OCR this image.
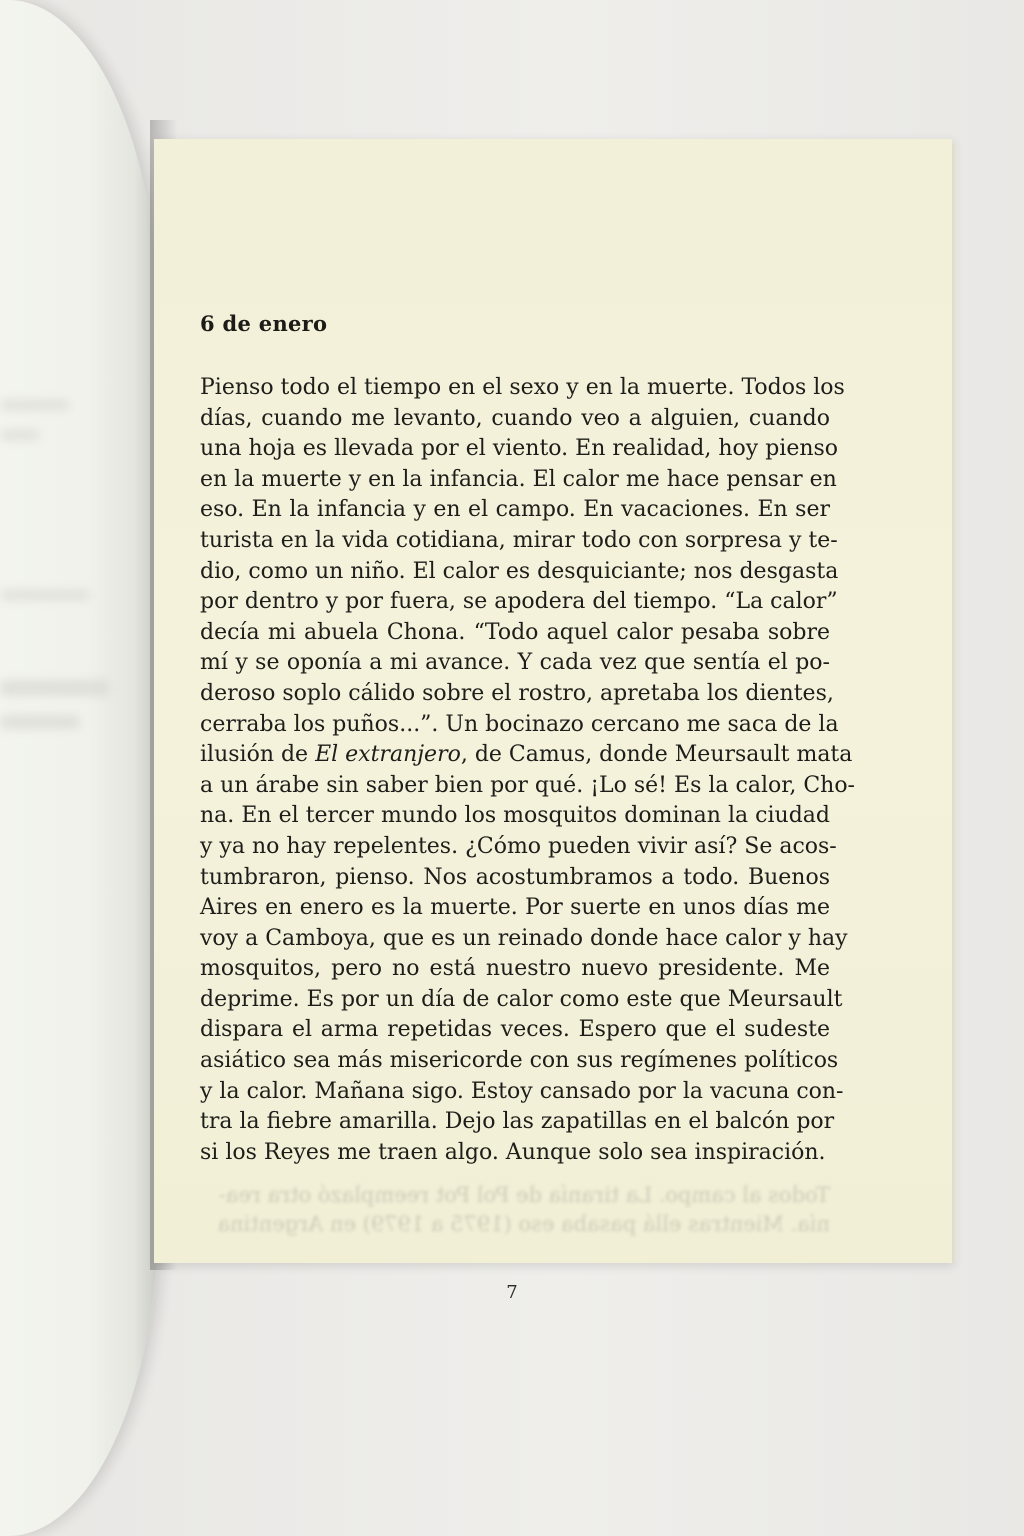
6 de enero

Pienso todo el tiempo en el sexo y en la muerte. Todos los
días, cuando me levanto, cuando veo a alguien, cuando
una hoja es llevada por el viento. En realidad, hoy pienso
en la muerte y en la infancia. El calor me hace pensar en
eso. En la infancia y en el campo. En vacaciones. En ser
turista en la vida cotidiana, mirar todo con sorpresa y te-
dio, como un niño. El calor es desquiciante; nos desgasta
por dentro y por fuera, se apodera del tiempo. “La calor”
decía mi abuela Chona. “Todo aquel calor pesaba sobre
mí y se oponía a mi avance. Y cada vez que sentía el po-
deroso soplo cálido sobre el rostro, apretaba los dientes,
cerraba los puños...”. Un bocinazo cercano me saca de la
ilusión de El extranjero, de Camus, donde Meursault mata
a un árabe sin saber bien por qué. ¡Lo sé! Es la calor, Cho-
na. En el tercer mundo los mosquitos dominan la ciudad
y ya no hay repelentes. ¿Cómo pueden vivir así? Se acos-
tumbraron, pienso. Nos acostumbramos a todo. Buenos
Aires en enero es la muerte. Por suerte en unos días me
voy a Camboya, que es un reinado donde hace calor y hay
mosquitos, pero no está nuestro nuevo presidente. Me
deprime. Es por un día de calor como este que Meursault
dispara el arma repetidas veces. Espero que el sudeste
asiático sea más misericorde con sus regímenes políticos
y la calor. Mañana sigo. Estoy cansado por la vacuna con-
tra la fiebre amarilla. Dejo las zapatillas en el balcón por
si los Reyes me traen algo. Aunque solo sea inspiración.

Todos al campo. La tiranía de Pol Pot reemplazó otra rea-
nía. Mientras ellá pasaba eso (1975 a 1979) en Argentina
7
